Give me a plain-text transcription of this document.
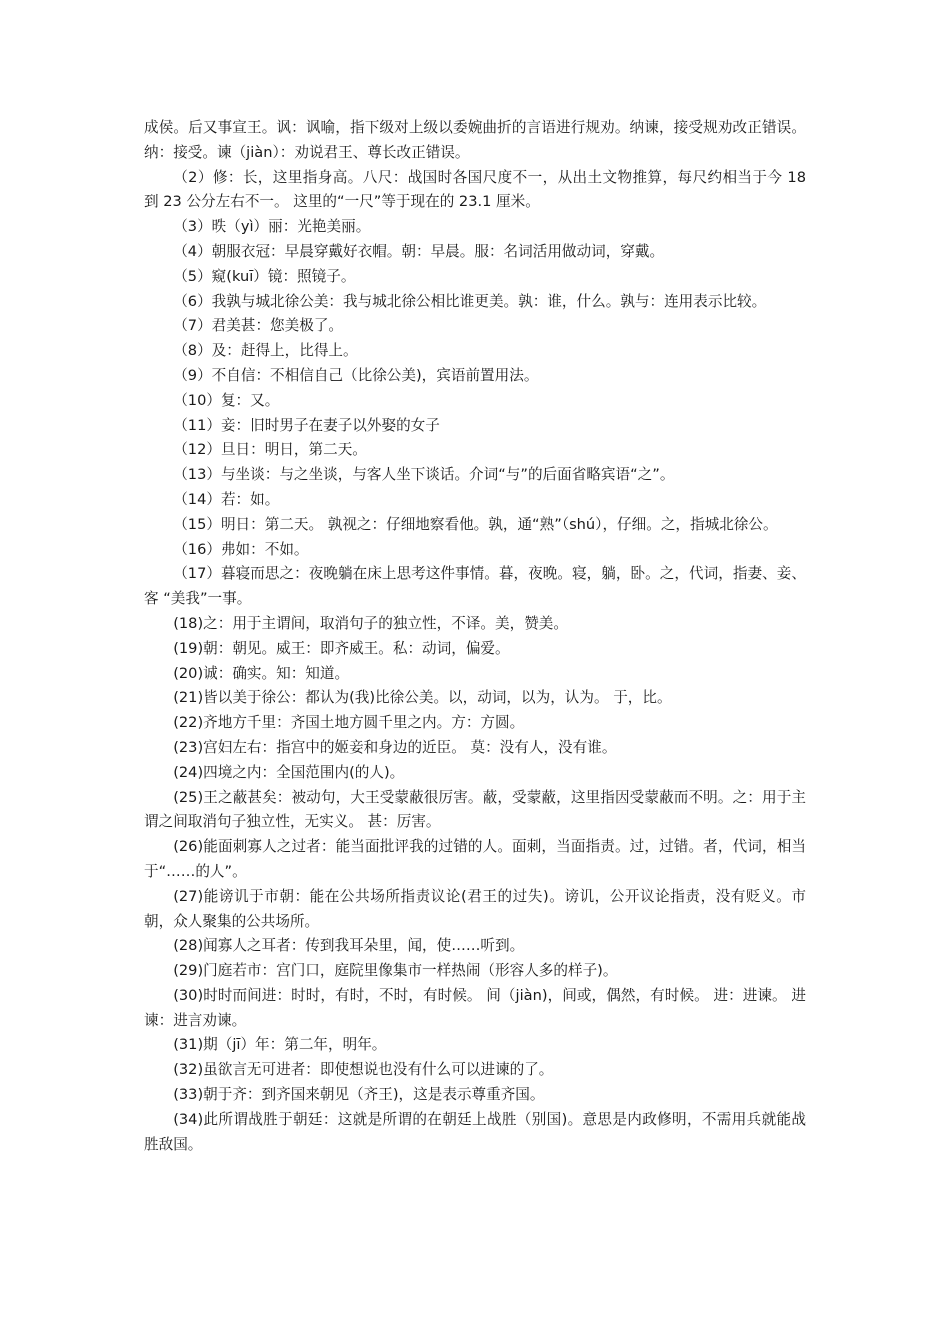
成侯。后又事宣王。讽：讽喻，指下级对上级以委婉曲折的言语进行规劝。纳谏，接受规劝改正错误。纳：接受。谏（jiàn）：劝说君王、尊长改正错误。

（2）修：长，这里指身高。八尺：战国时各国尺度不一，从出土文物推算，每尺约相当于今 18 到 23 公分左右不一。 这里的“一尺”等于现在的 23.1 厘米。

（3）昳（yì）丽：光艳美丽。

（4）朝服衣冠：早晨穿戴好衣帽。朝：早晨。服：名词活用做动词，穿戴。

（5）窥(kuī）镜：照镜子。

（6）我孰与城北徐公美：我与城北徐公相比谁更美。孰：谁，什么。孰与：连用表示比较。

（7）君美甚：您美极了。

（8）及：赶得上，比得上。

（9）不自信：不相信自己（比徐公美)，宾语前置用法。

（10）复：又。

（11）妾：旧时男子在妻子以外娶的女子

（12）旦日：明日，第二天。

（13）与坐谈：与之坐谈，与客人坐下谈话。介词“与”的后面省略宾语“之”。

（14）若：如。

（15）明日：第二天。 孰视之：仔细地察看他。孰，通“熟”（shú），仔细。之，指城北徐公。

（16）弗如：不如。

（17）暮寝而思之：夜晚躺在床上思考这件事情。暮，夜晚。寝，躺，卧。之，代词，指妻、妾、客 “美我”一事。

(18)之：用于主谓间，取消句子的独立性，不译。美，赞美。

(19)朝：朝见。威王：即齐威王。私：动词，偏爱。

(20)诚：确实。知：知道。

(21)皆以美于徐公：都认为(我)比徐公美。以，动词，以为，认为。 于，比。

(22)齐地方千里：齐国土地方圆千里之内。方：方圆。

(23)宫妇左右：指宫中的姬妾和身边的近臣。 莫：没有人，没有谁。

(24)四境之内：全国范围内(的人)。

(25)王之蔽甚矣：被动句，大王受蒙蔽很厉害。蔽，受蒙蔽，这里指因受蒙蔽而不明。之：用于主谓之间取消句子独立性，无实义。 甚：厉害。

(26)能面刺寡人之过者：能当面批评我的过错的人。面刺，当面指责。过，过错。者，代词，相当于“……的人”。

(27)能谤讥于市朝：能在公共场所指责议论(君王的过失)。谤讥，公开议论指责，没有贬义。市朝，众人聚集的公共场所。

(28)闻寡人之耳者：传到我耳朵里，闻，使……听到。

(29)门庭若市：宫门口，庭院里像集市一样热闹（形容人多的样子)。

(30)时时而间进：时时，有时，不时，有时候。 间（jiàn)，间或，偶然，有时候。 进：进谏。 进谏：进言劝谏。

(31)期（jī）年：第二年，明年。

(32)虽欲言无可进者：即使想说也没有什么可以进谏的了。

(33)朝于齐：到齐国来朝见（齐王)，这是表示尊重齐国。

(34)此所谓战胜于朝廷：这就是所谓的在朝廷上战胜（别国)。意思是内政修明，不需用兵就能战胜敌国。
